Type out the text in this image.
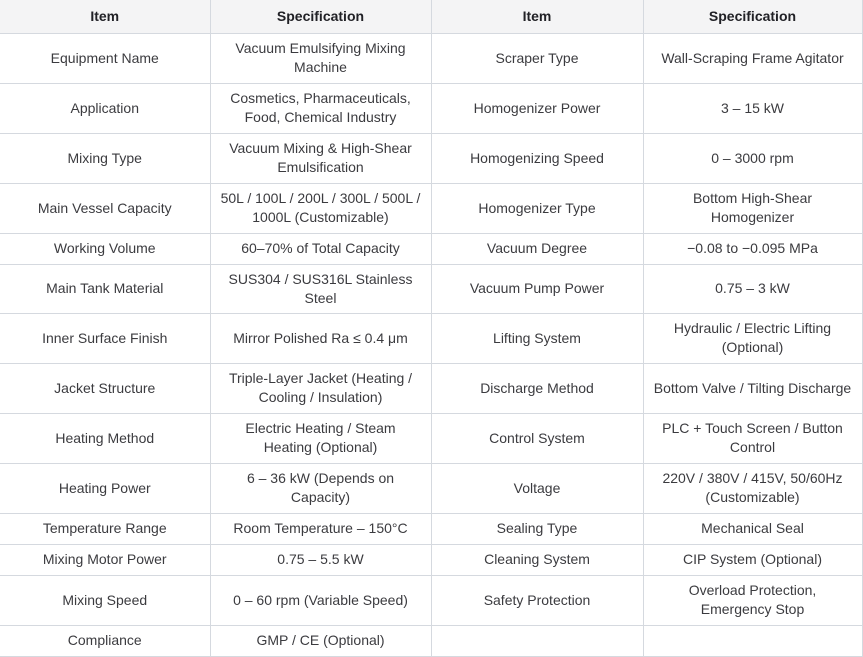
Item	Specification	Item	Specification
Equipment Name	Vacuum Emulsifying Mixing Machine	Scraper Type	Wall-Scraping Frame Agitator
Application	Cosmetics, Pharmaceuticals, Food, Chemical Industry	Homogenizer Power	3 – 15 kW
Mixing Type	Vacuum Mixing & High-Shear Emulsification	Homogenizing Speed	0 – 3000 rpm
Main Vessel Capacity	50L / 100L / 200L / 300L / 500L / 1000L (Customizable)	Homogenizer Type	Bottom High-Shear Homogenizer
Working Volume	60–70% of Total Capacity	Vacuum Degree	−0.08 to −0.095 MPa
Main Tank Material	SUS304 / SUS316L Stainless Steel	Vacuum Pump Power	0.75 – 3 kW
Inner Surface Finish	Mirror Polished Ra ≤ 0.4 μm	Lifting System	Hydraulic / Electric Lifting (Optional)
Jacket Structure	Triple-Layer Jacket (Heating / Cooling / Insulation)	Discharge Method	Bottom Valve / Tilting Discharge
Heating Method	Electric Heating / Steam Heating (Optional)	Control System	PLC + Touch Screen / Button Control
Heating Power	6 – 36 kW (Depends on Capacity)	Voltage	220V / 380V / 415V, 50/60Hz (Customizable)
Temperature Range	Room Temperature – 150°C	Sealing Type	Mechanical Seal
Mixing Motor Power	0.75 – 5.5 kW	Cleaning System	CIP System (Optional)
Mixing Speed	0 – 60 rpm (Variable Speed)	Safety Protection	Overload Protection, Emergency Stop
Compliance	GMP / CE (Optional)		
